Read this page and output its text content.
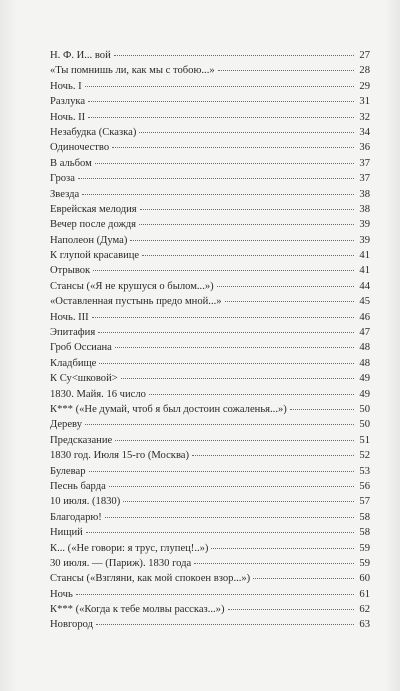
Н. Ф. И... вой	27
«Ты помнишь ли, как мы с тобою...»	28
Ночь. I	29
Разлука	31
Ночь. II	32
Незабудка (Сказка)	34
Одиночество	36
В альбом	37
Гроза	37
Звезда	38
Еврейская мелодия	38
Вечер после дождя	39
Наполеон (Дума)	39
К глупой красавице	41
Отрывок	41
Стансы («Я не крушуся о былом...»)	44
«Оставленная пустынь предо мной...»	45
Ночь. III	46
Эпитафия	47
Гроб Оссиана	48
Кладбище	48
К Су<шковой>	49
1830. Майя. 16 число	49
К*** («Не думай, чтоб я был достоин сожаленья...»)	50
Дереву	50
Предсказание	51
1830 год. Июля 15-го (Москва)	52
Булевар	53
Песнь барда	56
10 июля. (1830)	57
Благодарю!	58
Нищий	58
К... («Не говори: я трус, глупец!..»)	59
30 июля. — (Париж). 1830 года	59
Стансы («Взгляни, как мой спокоен взор...»)	60
Ночь	61
К*** («Когда к тебе молвы рассказ...»)	62
Новгород	63
